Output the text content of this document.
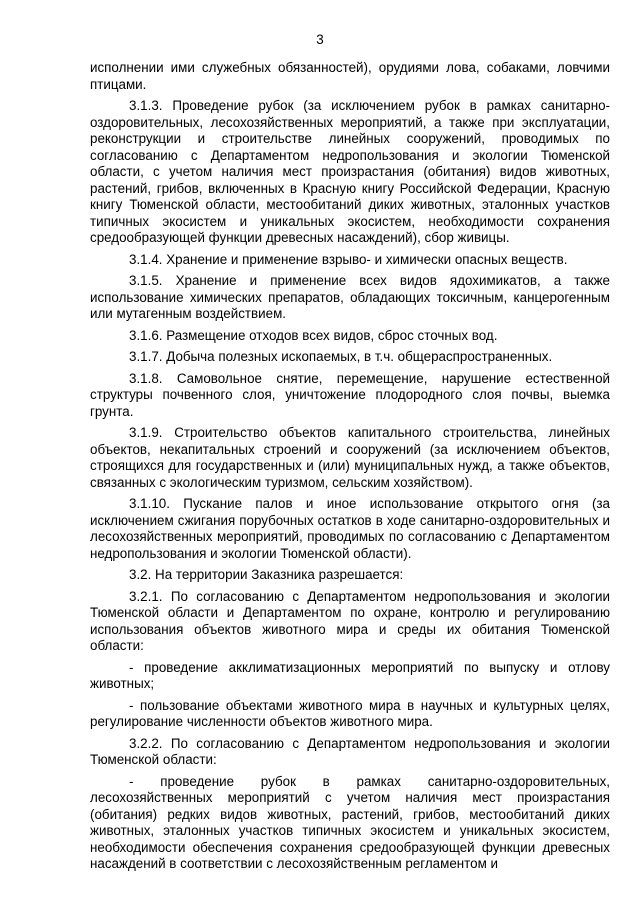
3

исполнении ими служебных обязанностей), орудиями лова, собаками, ловчими птицами.

3.1.3. Проведение рубок (за исключением рубок в рамках санитарно-оздоровительных, лесохозяйственных мероприятий, а также при эксплуатации, реконструкции и строительстве линейных сооружений, проводимых по согласованию с Департаментом недропользования и экологии Тюменской области, с учетом наличия мест произрастания (обитания) видов животных, растений, грибов, включенных в Красную книгу Российской Федерации, Красную книгу Тюменской области, местообитаний диких животных, эталонных участков типичных экосистем и уникальных экосистем, необходимости сохранения средообразующей функции древесных насаждений), сбор живицы.

3.1.4. Хранение и применение взрыво- и химически опасных веществ.

3.1.5. Хранение и применение всех видов ядохимикатов, а также использование химических препаратов, обладающих токсичным, канцерогенным или мутагенным воздействием.

3.1.6. Размещение отходов всех видов, сброс сточных вод.

3.1.7. Добыча полезных ископаемых, в т.ч. общераспространенных.

3.1.8. Самовольное снятие, перемещение, нарушение естественной структуры почвенного слоя, уничтожение плодородного слоя почвы, выемка грунта.

3.1.9. Строительство объектов капитального строительства, линейных объектов, некапитальных строений и сооружений (за исключением объектов, строящихся для государственных и (или) муниципальных нужд, а также объектов, связанных с экологическим туризмом, сельским хозяйством).

3.1.10. Пускание палов и иное использование открытого огня (за исключением сжигания порубочных остатков в ходе санитарно-оздоровительных и лесохозяйственных мероприятий, проводимых по согласованию с Департаментом недропользования и экологии Тюменской области).

3.2. На территории Заказника разрешается:

3.2.1. По согласованию с Департаментом недропользования и экологии Тюменской области и Департаментом по охране, контролю и регулированию использования объектов животного мира и среды их обитания Тюменской области:

- проведение акклиматизационных мероприятий по выпуску и отлову животных;

- пользование объектами животного мира в научных и культурных целях, регулирование численности объектов животного мира.

3.2.2. По согласованию с Департаментом недропользования и экологии Тюменской области:

- проведение рубок в рамках санитарно-оздоровительных, лесохозяйственных мероприятий с учетом наличия мест произрастания (обитания) редких видов животных, растений, грибов, местообитаний диких животных, эталонных участков типичных экосистем и уникальных экосистем, необходимости обеспечения сохранения средообразующей функции древесных насаждений в соответствии с лесохозяйственным регламентом и
